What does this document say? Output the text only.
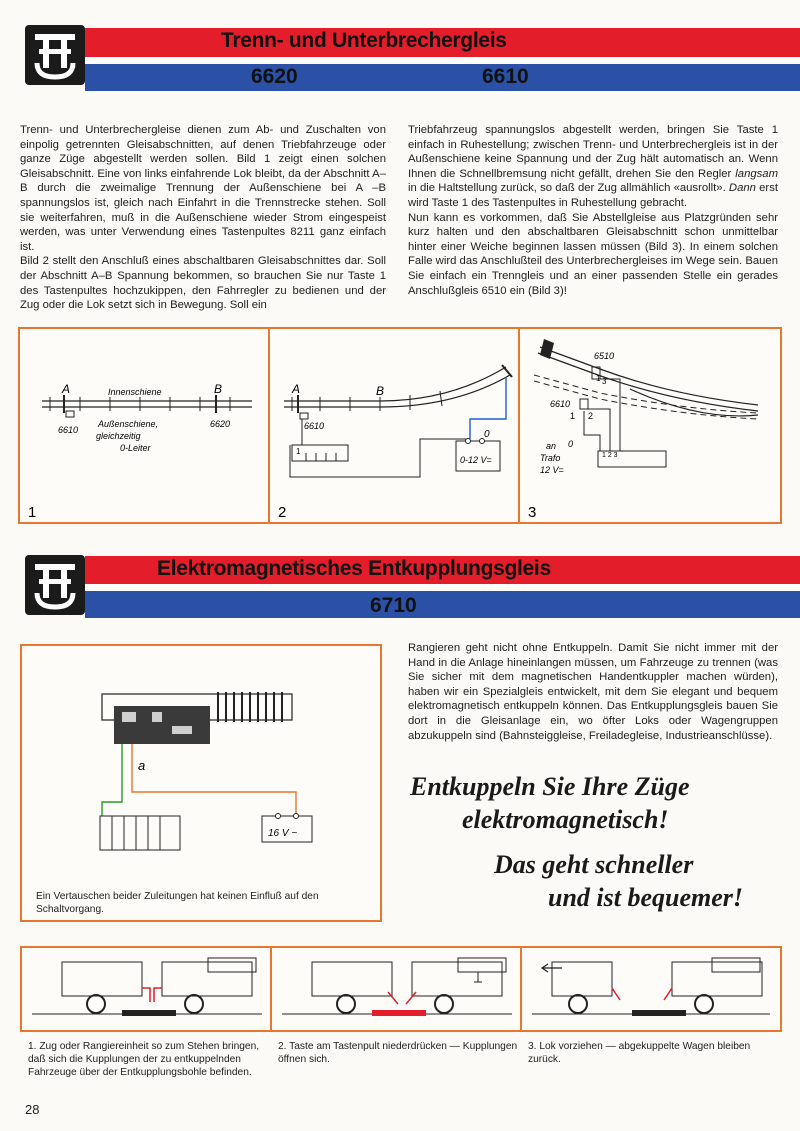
Trenn- und Unterbrechergleis
6620	6610

Trenn- und Unterbrechergleise dienen zum Ab- und Zuschalten von einpolig getrennten Gleisabschnitten, auf denen Triebfahrzeuge oder ganze Züge abgestellt werden sollen. Bild 1 zeigt einen solchen Gleisabschnitt. Eine von links einfahrende Lok bleibt, da der Abschnitt A–B durch die zweimalige Trennung der Außenschiene bei A –B spannungslos ist, gleich nach Einfahrt in die Trennstrecke stehen. Soll sie weiterfahren, muß in die Außenschiene wieder Strom eingespeist werden, was unter Verwendung eines Tastenpultes 8211 ganz einfach ist.

Bild 2 stellt den Anschluß eines abschaltbaren Gleisabschnittes dar. Soll der Abschnitt A–B Spannung bekommen, so brauchen Sie nur Taste 1 des Tastenpultes hochzukippen, den Fahrregler zu bedienen und der Zug oder die Lok setzt sich in Bewegung. Soll ein

Triebfahrzeug spannungslos abgestellt werden, bringen Sie Taste 1 einfach in Ruhestellung; zwischen Trenn- und Unterbrechergleis ist in der Außenschiene keine Spannung und der Zug hält automatisch an. Wenn Ihnen die Schnellbremsung nicht gefällt, drehen Sie den Regler langsam in die Haltstellung zurück, so daß der Zug allmählich «ausrollt». Dann erst wird Taste 1 des Tastenpultes in Ruhestellung gebracht.

Nun kann es vorkommen, daß Sie Abstellgleise aus Platzgründen sehr kurz halten und den abschaltbaren Gleisabschnitt schon unmittelbar hinter einer Weiche beginnen lassen müssen (Bild 3). In einem solchen Falle wird das Anschlußteil des Unterbrechergleises im Wege sein. Bauen Sie einfach ein Trenngleis und an einer passenden Stelle ein gerades Anschlußgleis 6510 ein (Bild 3)!

A	B
Innenschiene
Außenschiene,
gleichzeitig
0-Leiter
6610
6620
1
A	B
6610
1
0
0-12 V=
2
6510
6610
1 3
1 2
1 2 3
0
an
Trafo
12 V=
3
Elektromagnetisches Entkupplungsgleis
6710
a
16 V ~

Ein Vertauschen beider Zuleitungen hat keinen Einfluß auf den Schaltvorgang.

Rangieren geht nicht ohne Entkuppeln. Damit Sie nicht immer mit der Hand in die Anlage hineinlangen müssen, um Fahrzeuge zu trennen (was Sie sicher mit dem magnetischen Handentkuppler machen würden), haben wir ein Spezialgleis entwickelt, mit dem Sie elegant und bequem elektromagnetisch entkuppeln können. Das Entkupplungsgleis bauen Sie dort in die Gleisanlage ein, wo öfter Loks oder Wagengruppen abzukuppeln sind (Bahnsteiggleise, Freiladegleise, Industrieanschlüsse).

Entkuppeln Sie Ihre Züge
elektromagnetisch!
Das geht schneller
und ist bequemer!

1. Zug oder Rangiereinheit so zum Stehen bringen, daß sich die Kupplungen der zu entkuppelnden Fahrzeuge über der Entkupplungsbohle befinden.

2. Taste am Tastenpult niederdrücken — Kupplungen öffnen sich.

3. Lok vorziehen — abgekuppelte Wagen bleiben zurück.

28
